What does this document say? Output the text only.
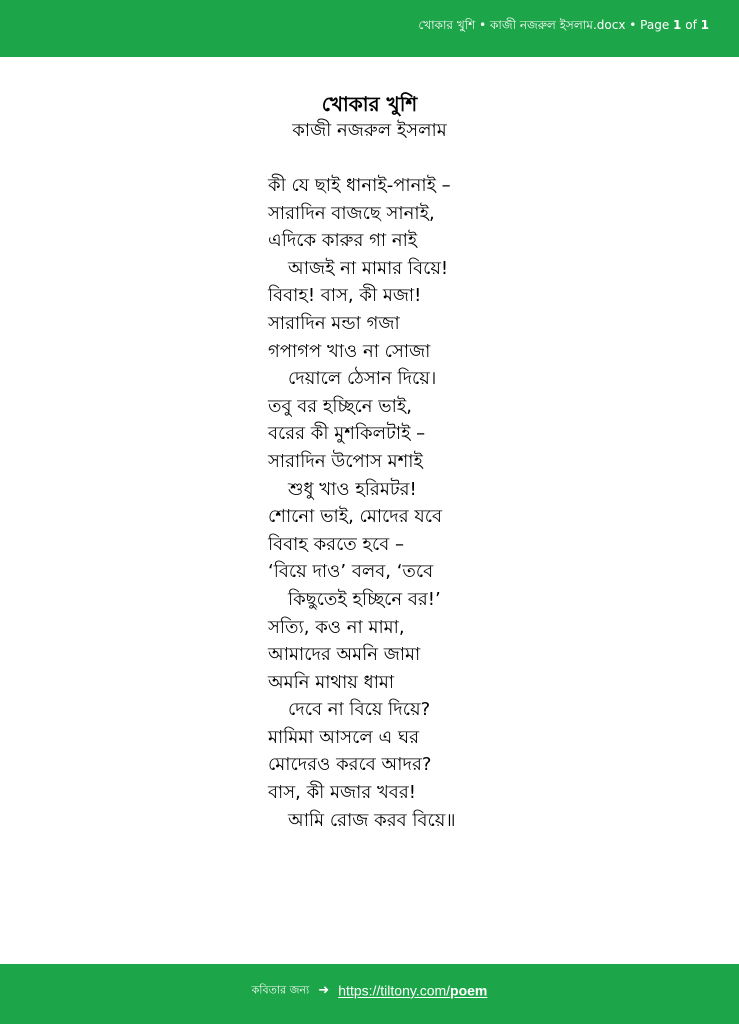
খোকার খুশি • কাজী নজরুল ইসলাম.docx • Page 1 of 1
খোকার খুশি
কাজী নজরুল ইসলাম
কী যে ছাই ধানাই-পানাই –
সারাদিন বাজছে সানাই,
এদিকে কারুর গা নাই
আজই না মামার বিয়ে!
বিবাহ! বাস, কী মজা!
সারাদিন মন্ডা গজা
গপাগপ খাও না সোজা
দেয়ালে ঠেসান দিয়ে।
তবু বর হচ্ছিনে ভাই,
বরের কী মুশকিলটাই –
সারাদিন উপোস মশাই
শুধু খাও হরিমটর!
শোনো ভাই, মোদের যবে
বিবাহ করতে হবে –
‘বিয়ে দাও’ বলব, ‘তবে
কিছুতেই হচ্ছিনে বর!’
সত্যি, কও না মামা,
আমাদের অমনি জামা
অমনি মাথায় ধামা
দেবে না বিয়ে দিয়ে?
মামিমা আসলে এ ঘর
মোদেরও করবে আদর?
বাস, কী মজার খবর!
আমি রোজ করব বিয়ে॥
কবিতার জন্য ➜ https://tiltony.com/poem
